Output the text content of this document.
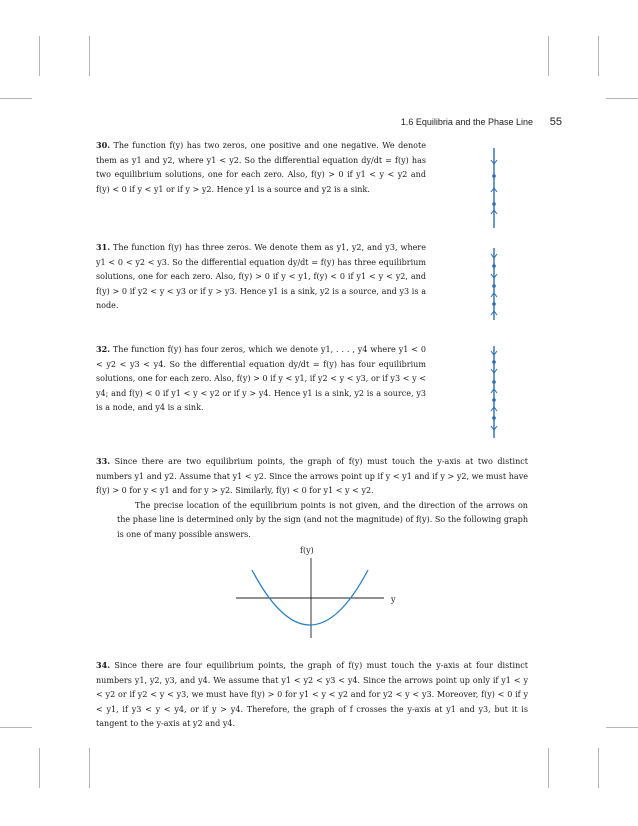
1.6 Equilibria and the Phase Line 55
30. The function f(y) has two zeros, one positive and one negative. We denote them as y1 and y2, where y1 < y2. So the differential equation dy/dt = f(y) has two equilibrium solutions, one for each zero. Also, f(y) > 0 if y1 < y < y2 and f(y) < 0 if y < y1 or if y > y2. Hence y1 is a source and y2 is a sink.
31. The function f(y) has three zeros. We denote them as y1, y2, and y3, where y1 < 0 < y2 < y3. So the differential equation dy/dt = f(y) has three equilibrium solutions, one for each zero. Also, f(y) > 0 if y < y1, f(y) < 0 if y1 < y < y2, and f(y) > 0 if y2 < y < y3 or if y > y3. Hence y1 is a sink, y2 is a source, and y3 is a node.
32. The function f(y) has four zeros, which we denote y1, . . . , y4 where y1 < 0 < y2 < y3 < y4. So the differential equation dy/dt = f(y) has four equilibrium solutions, one for each zero. Also, f(y) > 0 if y < y1, if y2 < y < y3, or if y3 < y < y4; and f(y) < 0 if y1 < y < y2 or if y > y4. Hence y1 is a sink, y2 is a source, y3 is a node, and y4 is a sink.
33. Since there are two equilibrium points, the graph of f(y) must touch the y-axis at two distinct numbers y1 and y2. Assume that y1 < y2. Since the arrows point up if y < y1 and if y > y2, we must have f(y) > 0 for y < y1 and for y > y2. Similarly, f(y) < 0 for y1 < y < y2.
The precise location of the equilibrium points is not given, and the direction of the arrows on the phase line is determined only by the sign (and not the magnitude) of f(y). So the following graph is one of many possible answers.
f(y)
y
34. Since there are four equilibrium points, the graph of f(y) must touch the y-axis at four distinct numbers y1, y2, y3, and y4. We assume that y1 < y2 < y3 < y4. Since the arrows point up only if y1 < y < y2 or if y2 < y < y3, we must have f(y) > 0 for y1 < y < y2 and for y2 < y < y3. Moreover, f(y) < 0 if y < y1, if y3 < y < y4, or if y > y4. Therefore, the graph of f crosses the y-axis at y1 and y3, but it is tangent to the y-axis at y2 and y4.
